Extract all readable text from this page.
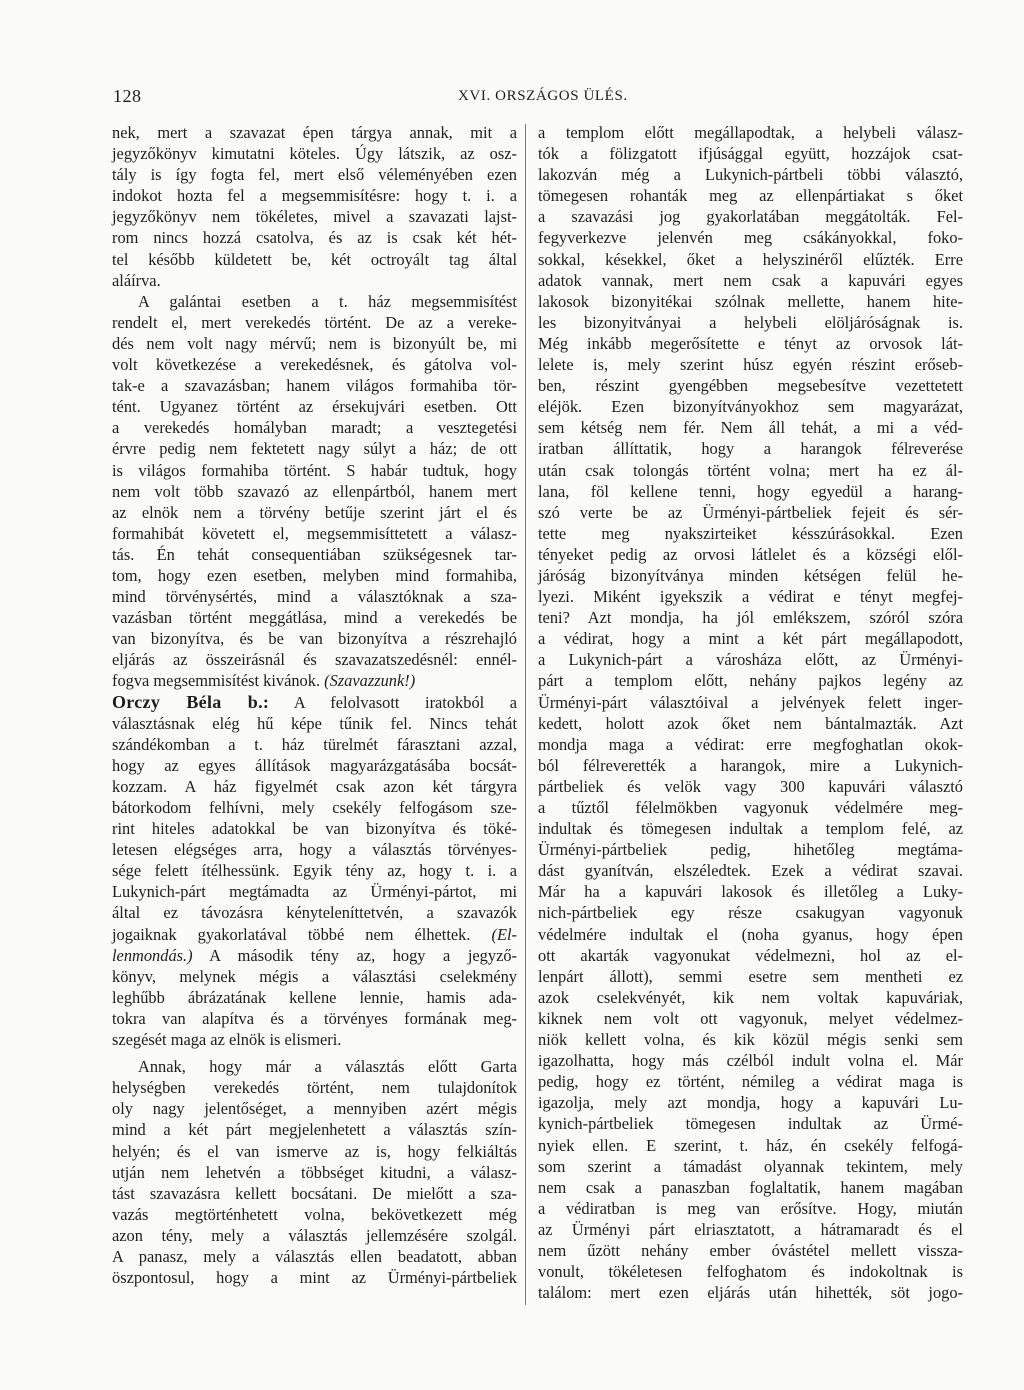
128	XVI. ORSZÁGOS ÜLÉS.
nek, mert a szavazat épen tárgya annak, mit a
jegyzőkönyv kimutatni köteles. Úgy látszik, az osz-
tály is így fogta fel, mert első véleményében ezen
indokot hozta fel a megsemmisítésre: hogy t. i. a
jegyzőkönyv nem tökéletes, mivel a szavazati lajst-
rom nincs hozzá csatolva, és az is csak két hét-
tel később küldetett be, két octroyált tag által
aláírva.
A galántai esetben a t. ház megsemmisítést
rendelt el, mert verekedés történt. De az a vereke-
dés nem volt nagy mérvű; nem is bizonyúlt be, mi
volt következése a verekedésnek, és gátolva vol-
tak-e a szavazásban; hanem világos formahiba tör-
tént. Ugyanez történt az érsekujvári esetben. Ott
a verekedés homályban maradt; a vesztegetési
érvre pedig nem fektetett nagy súlyt a ház; de ott
is világos formahiba történt. S habár tudtuk, hogy
nem volt több szavazó az ellenpártból, hanem mert
az elnök nem a törvény betűje szerint járt el és
formahibát követett el, megsemmisíttetett a válasz-
tás. Én tehát consequentiában szükségesnek tar-
tom, hogy ezen esetben, melyben mind formahiba,
mind törvénysértés, mind a választóknak a sza-
vazásban történt meggátlása, mind a verekedés be
van bizonyítva, és be van bizonyítva a részrehajló
eljárás az összeirásnál és szavazatszedésnél: ennél-
fogva megsemmisítést kivánok. (Szavazzunk!)
Orczy Béla b.: A felolvasott iratokból a
választásnak elég hű képe tűnik fel. Nincs tehát
szándékomban a t. ház türelmét fárasztani azzal,
hogy az egyes állítások magyarázgatásába bocsát-
kozzam. A ház figyelmét csak azon két tárgyra
bátorkodom felhívni, mely csekély felfogásom sze-
rint hiteles adatokkal be van bizonyítva és töké-
letesen elégséges arra, hogy a választás törvényes-
sége felett ítélhessünk. Egyik tény az, hogy t. i. a
Lukynich-párt megtámadta az Ürményi-pártot, mi
által ez távozásra kényteleníttetvén, a szavazók
jogaiknak gyakorlatával többé nem élhettek. (El-
lenmondás.) A második tény az, hogy a jegyző-
könyv, melynek mégis a választási cselekmény
leghűbb ábrázatának kellene lennie, hamis ada-
tokra van alapítva és a törvényes formának meg-
szegését maga az elnök is elismeri.
Annak, hogy már a választás előtt Garta
helységben verekedés történt, nem tulajdonítok
oly nagy jelentőséget, a mennyiben azért mégis
mind a két párt megjelenhetett a választás szín-
helyén; és el van ismerve az is, hogy felkiáltás
utján nem lehetvén a többséget kitudni, a válasz-
tást szavazásra kellett bocsátani. De mielőtt a sza-
vazás megtörténhetett volna, bekövetkezett még
azon tény, mely a választás jellemzésére szolgál.
A panasz, mely a választás ellen beadatott, abban
öszpontosul, hogy a mint az Ürményi-pártbeliek
a templom előtt megállapodtak, a helybeli válasz-
tók a fölizgatott ifjúsággal együtt, hozzájok csat-
lakozván még a Lukynich-pártbeli többi választó,
tömegesen rohanták meg az ellenpártiakat s őket
a szavazási jog gyakorlatában meggátolták. Fel-
fegyverkezve jelenvén meg csákányokkal, foko-
sokkal, késekkel, őket a helyszinéről elűzték. Erre
adatok vannak, mert nem csak a kapuvári egyes
lakosok bizonyitékai szólnak mellette, hanem hite-
les bizonyitványai a helybeli elöljáróságnak is.
Még inkább megerősítette e tényt az orvosok lát-
lelete is, mely szerint húsz egyén részint erőseb-
ben, részint gyengébben megsebesítve vezettetett
eléjök. Ezen bizonyítványokhoz sem magyarázat,
sem kétség nem fér. Nem áll tehát, a mi a véd-
iratban állíttatik, hogy a harangok félreverése
után csak tolongás történt volna; mert ha ez ál-
lana, föl kellene tenni, hogy egyedül a harang-
szó verte be az Ürményi-pártbeliek fejeit és sér-
tette meg nyakszirteiket késszúrásokkal. Ezen
tényeket pedig az orvosi látlelet és a községi elől-
járóság bizonyítványa minden kétségen felül he-
lyezi. Miként igyekszik a védirat e tényt megfej-
teni? Azt mondja, ha jól emlékszem, szóról szóra
a védirat, hogy a mint a két párt megállapodott,
a Lukynich-párt a városháza előtt, az Ürményi-
párt a templom előtt, nehány pajkos legény az
Ürményi-párt választóival a jelvények felett inger-
kedett, holott azok őket nem bántalmazták. Azt
mondja maga a védirat: erre megfoghatlan okok-
ból félreverették a harangok, mire a Lukynich-
pártbeliek és velök vagy 300 kapuvári választó
a tűztől félelmökben vagyonuk védelmére meg-
indultak és tömegesen indultak a templom felé, az
Ürményi-pártbeliek pedig, hihetőleg megtáma-
dást gyanítván, elszéledtek. Ezek a védirat szavai.
Már ha a kapuvári lakosok és illetőleg a Luky-
nich-pártbeliek egy része csakugyan vagyonuk
védelmére indultak el (noha gyanus, hogy épen
ott akarták vagyonukat védelmezni, hol az el-
lenpárt állott), semmi esetre sem mentheti ez
azok cselekvényét, kik nem voltak kapuváriak,
kiknek nem volt ott vagyonuk, melyet védelmez-
niök kellett volna, és kik közül mégis senki sem
igazolhatta, hogy más czélból indult volna el. Már
pedig, hogy ez történt, némileg a védirat maga is
igazolja, mely azt mondja, hogy a kapuvári Lu-
kynich-pártbeliek tömegesen indultak az Ürmé-
nyiek ellen. E szerint, t. ház, én csekély felfogá-
som szerint a támadást olyannak tekintem, mely
nem csak a panaszban foglaltatik, hanem magában
a védiratban is meg van erősítve. Hogy, miután
az Ürményi párt elriasztatott, a hátramaradt és el
nem űzött nehány ember óvástétel mellett vissza-
vonult, tökéletesen felfoghatom és indokoltnak is
találom: mert ezen eljárás után hihették, söt jogo-
